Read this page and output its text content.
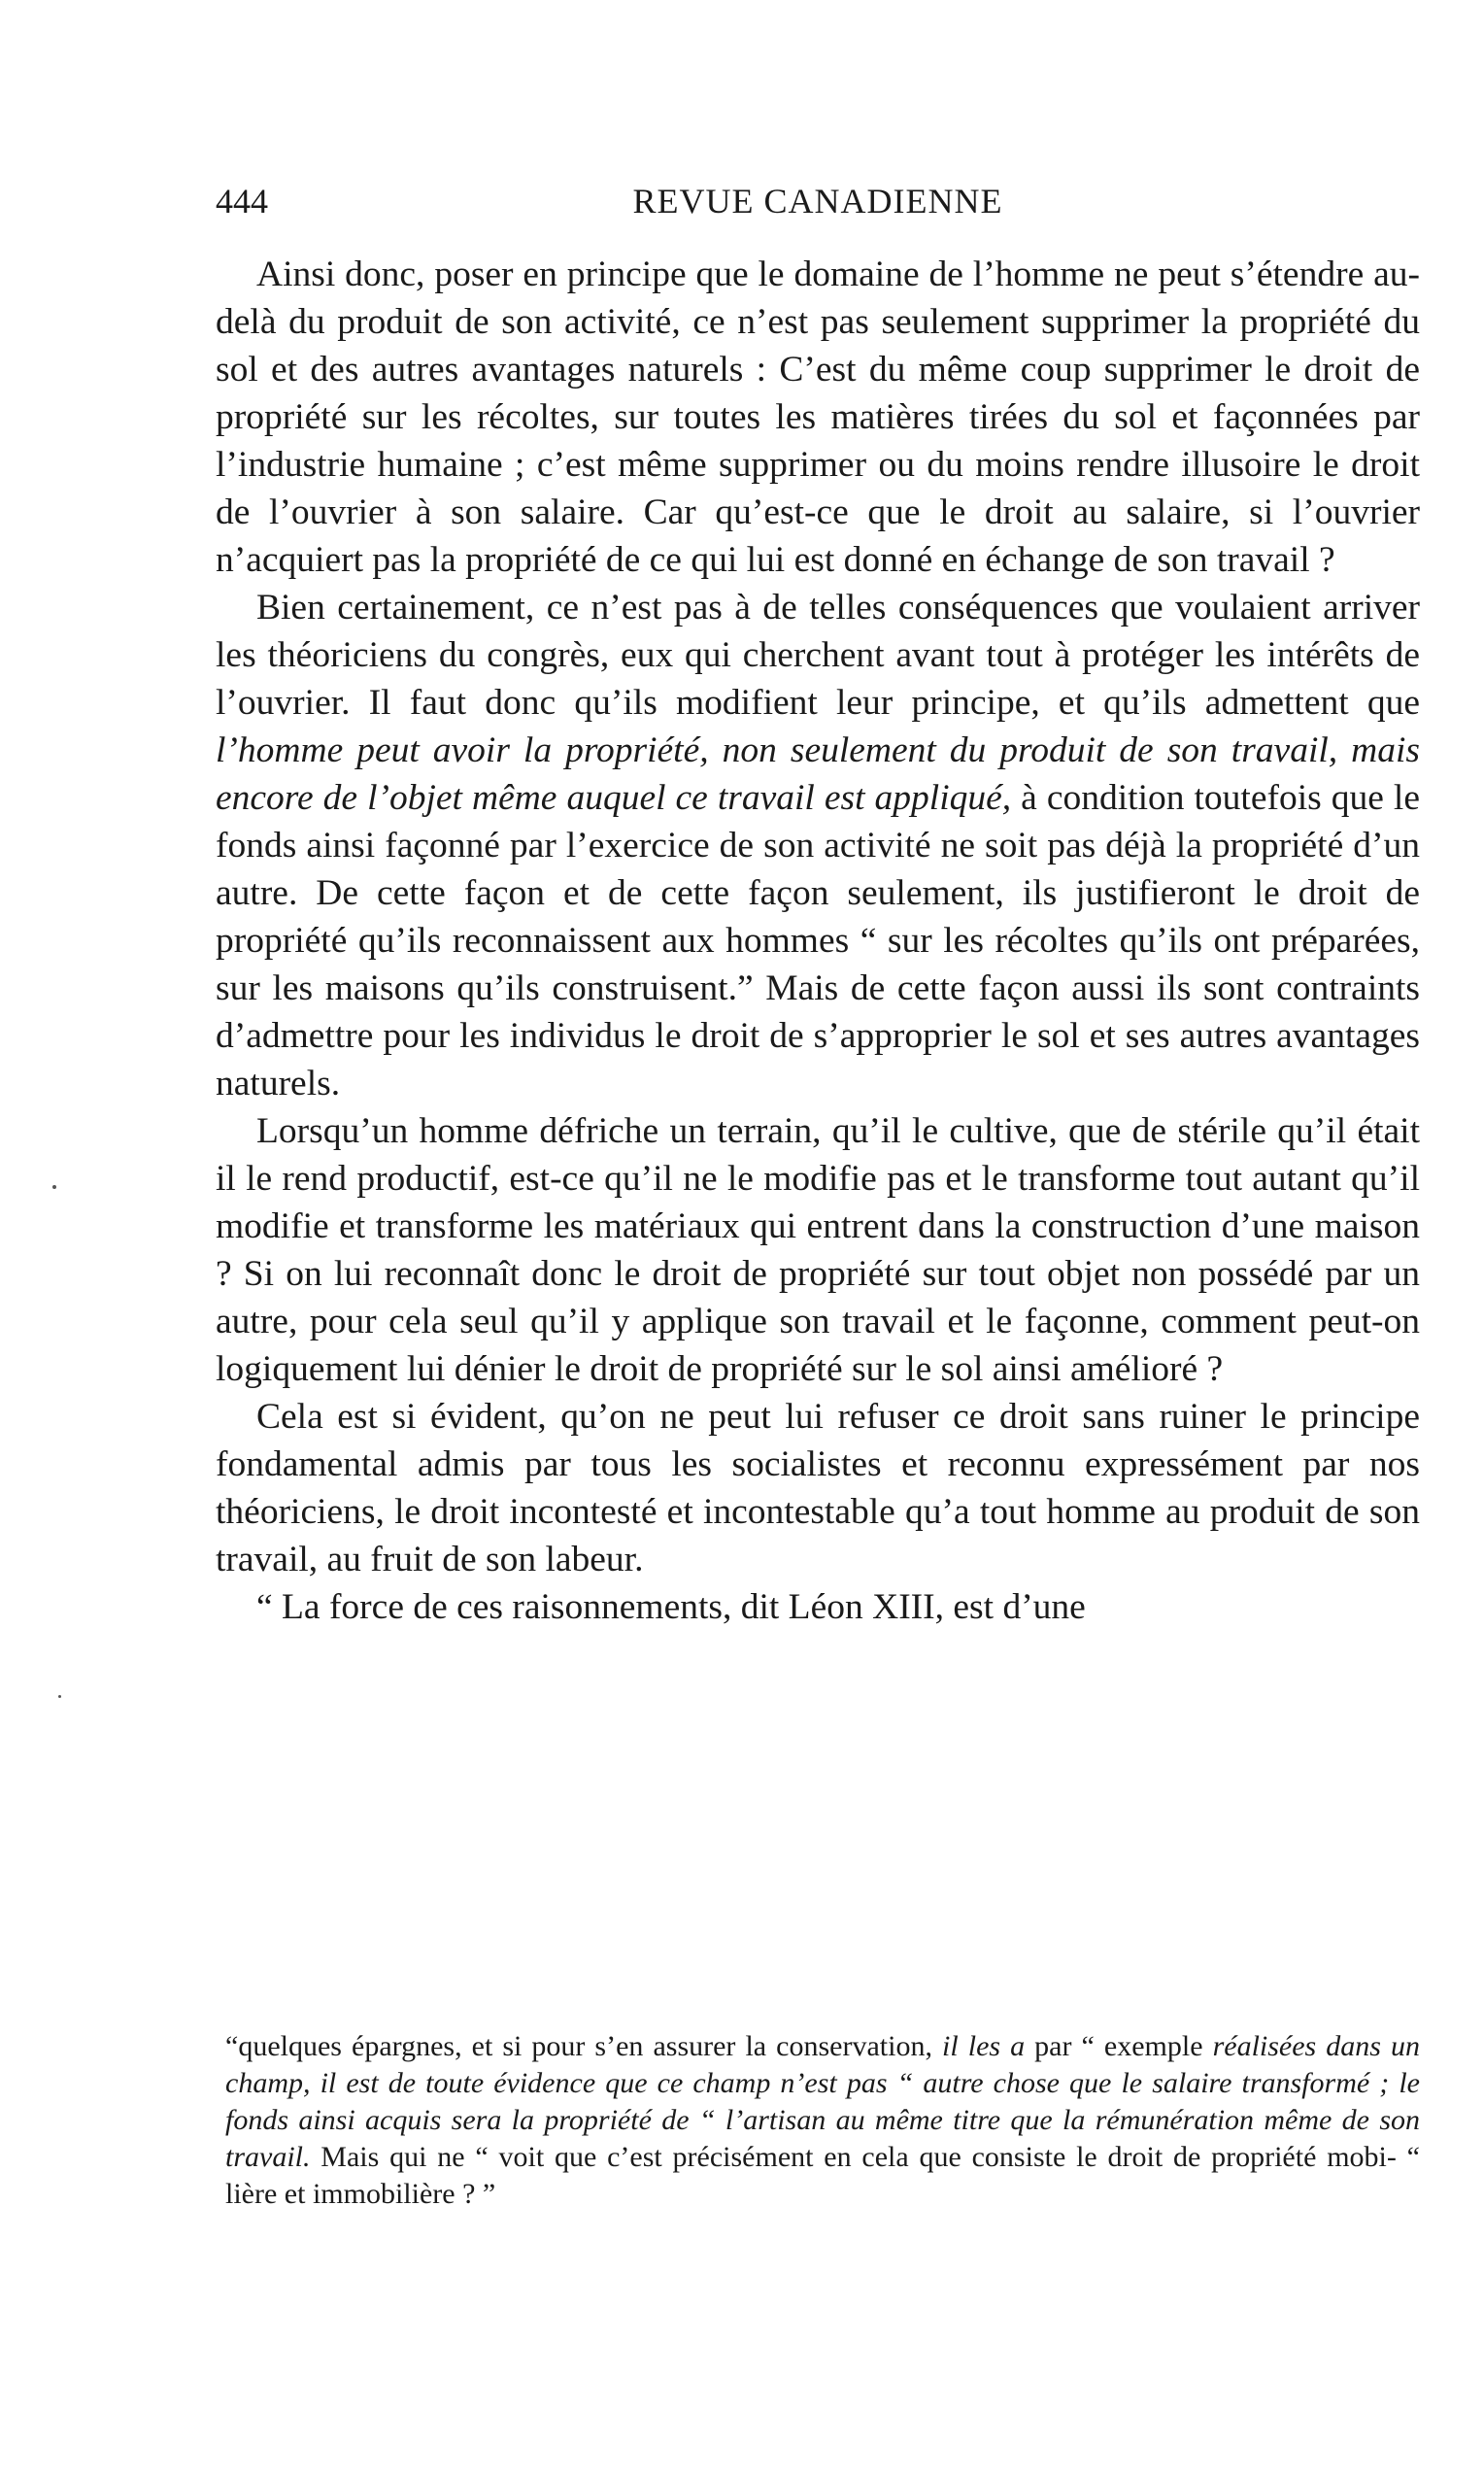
REVUE CANADIENNE
444

Ainsi donc, poser en principe que le domaine de l’homme ne peut s’étendre au-delà du produit de son activité, ce n’est pas seulement supprimer la propriété du sol et des autres avantages naturels : C’est du même coup supprimer le droit de propriété sur les récoltes, sur toutes les matières tirées du sol et façonnées par l’industrie humaine ; c’est même supprimer ou du moins rendre illusoire le droit de l’ouvrier à son salaire. Car qu’est-ce que le droit au salaire, si l’ouvrier n’acquiert pas la propriété de ce qui lui est donné en échange de son travail ?

Bien certainement, ce n’est pas à de telles conséquences que voulaient arriver les théoriciens du congrès, eux qui cherchent avant tout à protéger les intérêts de l’ouvrier. Il faut donc qu’ils modifient leur principe, et qu’ils admettent que l’homme peut avoir la propriété, non seulement du produit de son travail, mais encore de l’objet même auquel ce travail est appliqué, à condition toutefois que le fonds ainsi façonné par l’exercice de son activité ne soit pas déjà la propriété d’un autre. De cette façon et de cette façon seulement, ils justifieront le droit de propriété qu’ils reconnaissent aux hommes “ sur les récoltes qu’ils ont préparées, sur les maisons qu’ils construisent.” Mais de cette façon aussi ils sont contraints d’admettre pour les individus le droit de s’approprier le sol et ses autres avantages naturels.

Lorsqu’un homme défriche un terrain, qu’il le cultive, que de stérile qu’il était il le rend productif, est-ce qu’il ne le modifie pas et le transforme tout autant qu’il modifie et transforme les matériaux qui entrent dans la construction d’une maison ? Si on lui reconnaît donc le droit de propriété sur tout objet non possédé par un autre, pour cela seul qu’il y applique son travail et le façonne, comment peut-on logiquement lui dénier le droit de propriété sur le sol ainsi amélioré ?

Cela est si évident, qu’on ne peut lui refuser ce droit sans ruiner le principe fondamental admis par tous les socialistes et reconnu expressément par nos théoriciens, le droit incontesté et incontestable qu’a tout homme au produit de son travail, au fruit de son labeur.

“ La force de ces raisonnements, dit Léon XIII, est d’une

“quelques épargnes, et si pour s’en assurer la conservation, il les a par “ exemple réalisées dans un champ, il est de toute évidence que ce champ n’est pas “ autre chose que le salaire transformé ; le fonds ainsi acquis sera la propriété de “ l’artisan au même titre que la rémunération même de son travail. Mais qui ne “ voit que c’est précisément en cela que consiste le droit de propriété mobi- “ lière et immobilière ? ”
